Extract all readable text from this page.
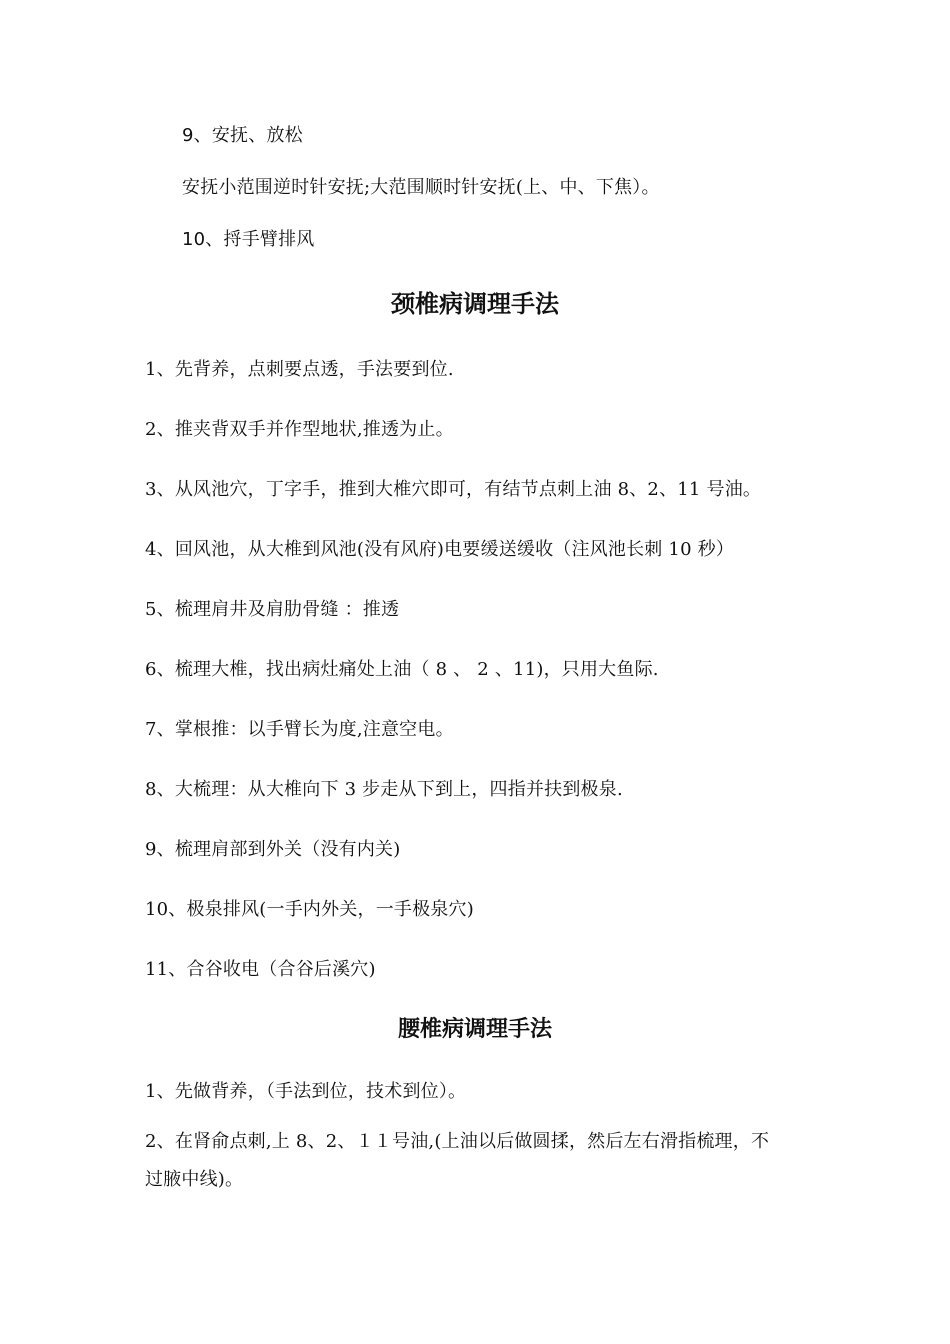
9、安抚、放松
安抚小范围逆时针安抚;大范围顺时针安抚(上、中、下焦）。
10、捋手臂排风
颈椎病调理手法
1、先背养，点刺要点透，手法要到位.
2、推夹背双手并作型地状,推透为止。
3、从风池穴，丁字手，推到大椎穴即可，有结节点刺上油 8、2、11 号油。
4、回风池，从大椎到风池(没有风府)电要缓送缓收（注风池长刺 10 秒）
5、梳理肩井及肩肋骨缝 ：推透
6、梳理大椎，找出病灶痛处上油（ 8 、 2 、11)，只用大鱼际.
7、掌根推：以手臂长为度,注意空电。
8、大梳理：从大椎向下 3 步走从下到上，四指并扶到极泉.
9、梳理肩部到外关（没有内关)
10、极泉排风(一手内外关，一手极泉穴)
11、合谷收电（合谷后溪穴)
腰椎病调理手法
1、先做背养，（手法到位，技术到位）。
2、在肾俞点刺,上 8、2、１１号油,(上油以后做圆揉，然后左右滑指梳理，不
过腋中线)。
